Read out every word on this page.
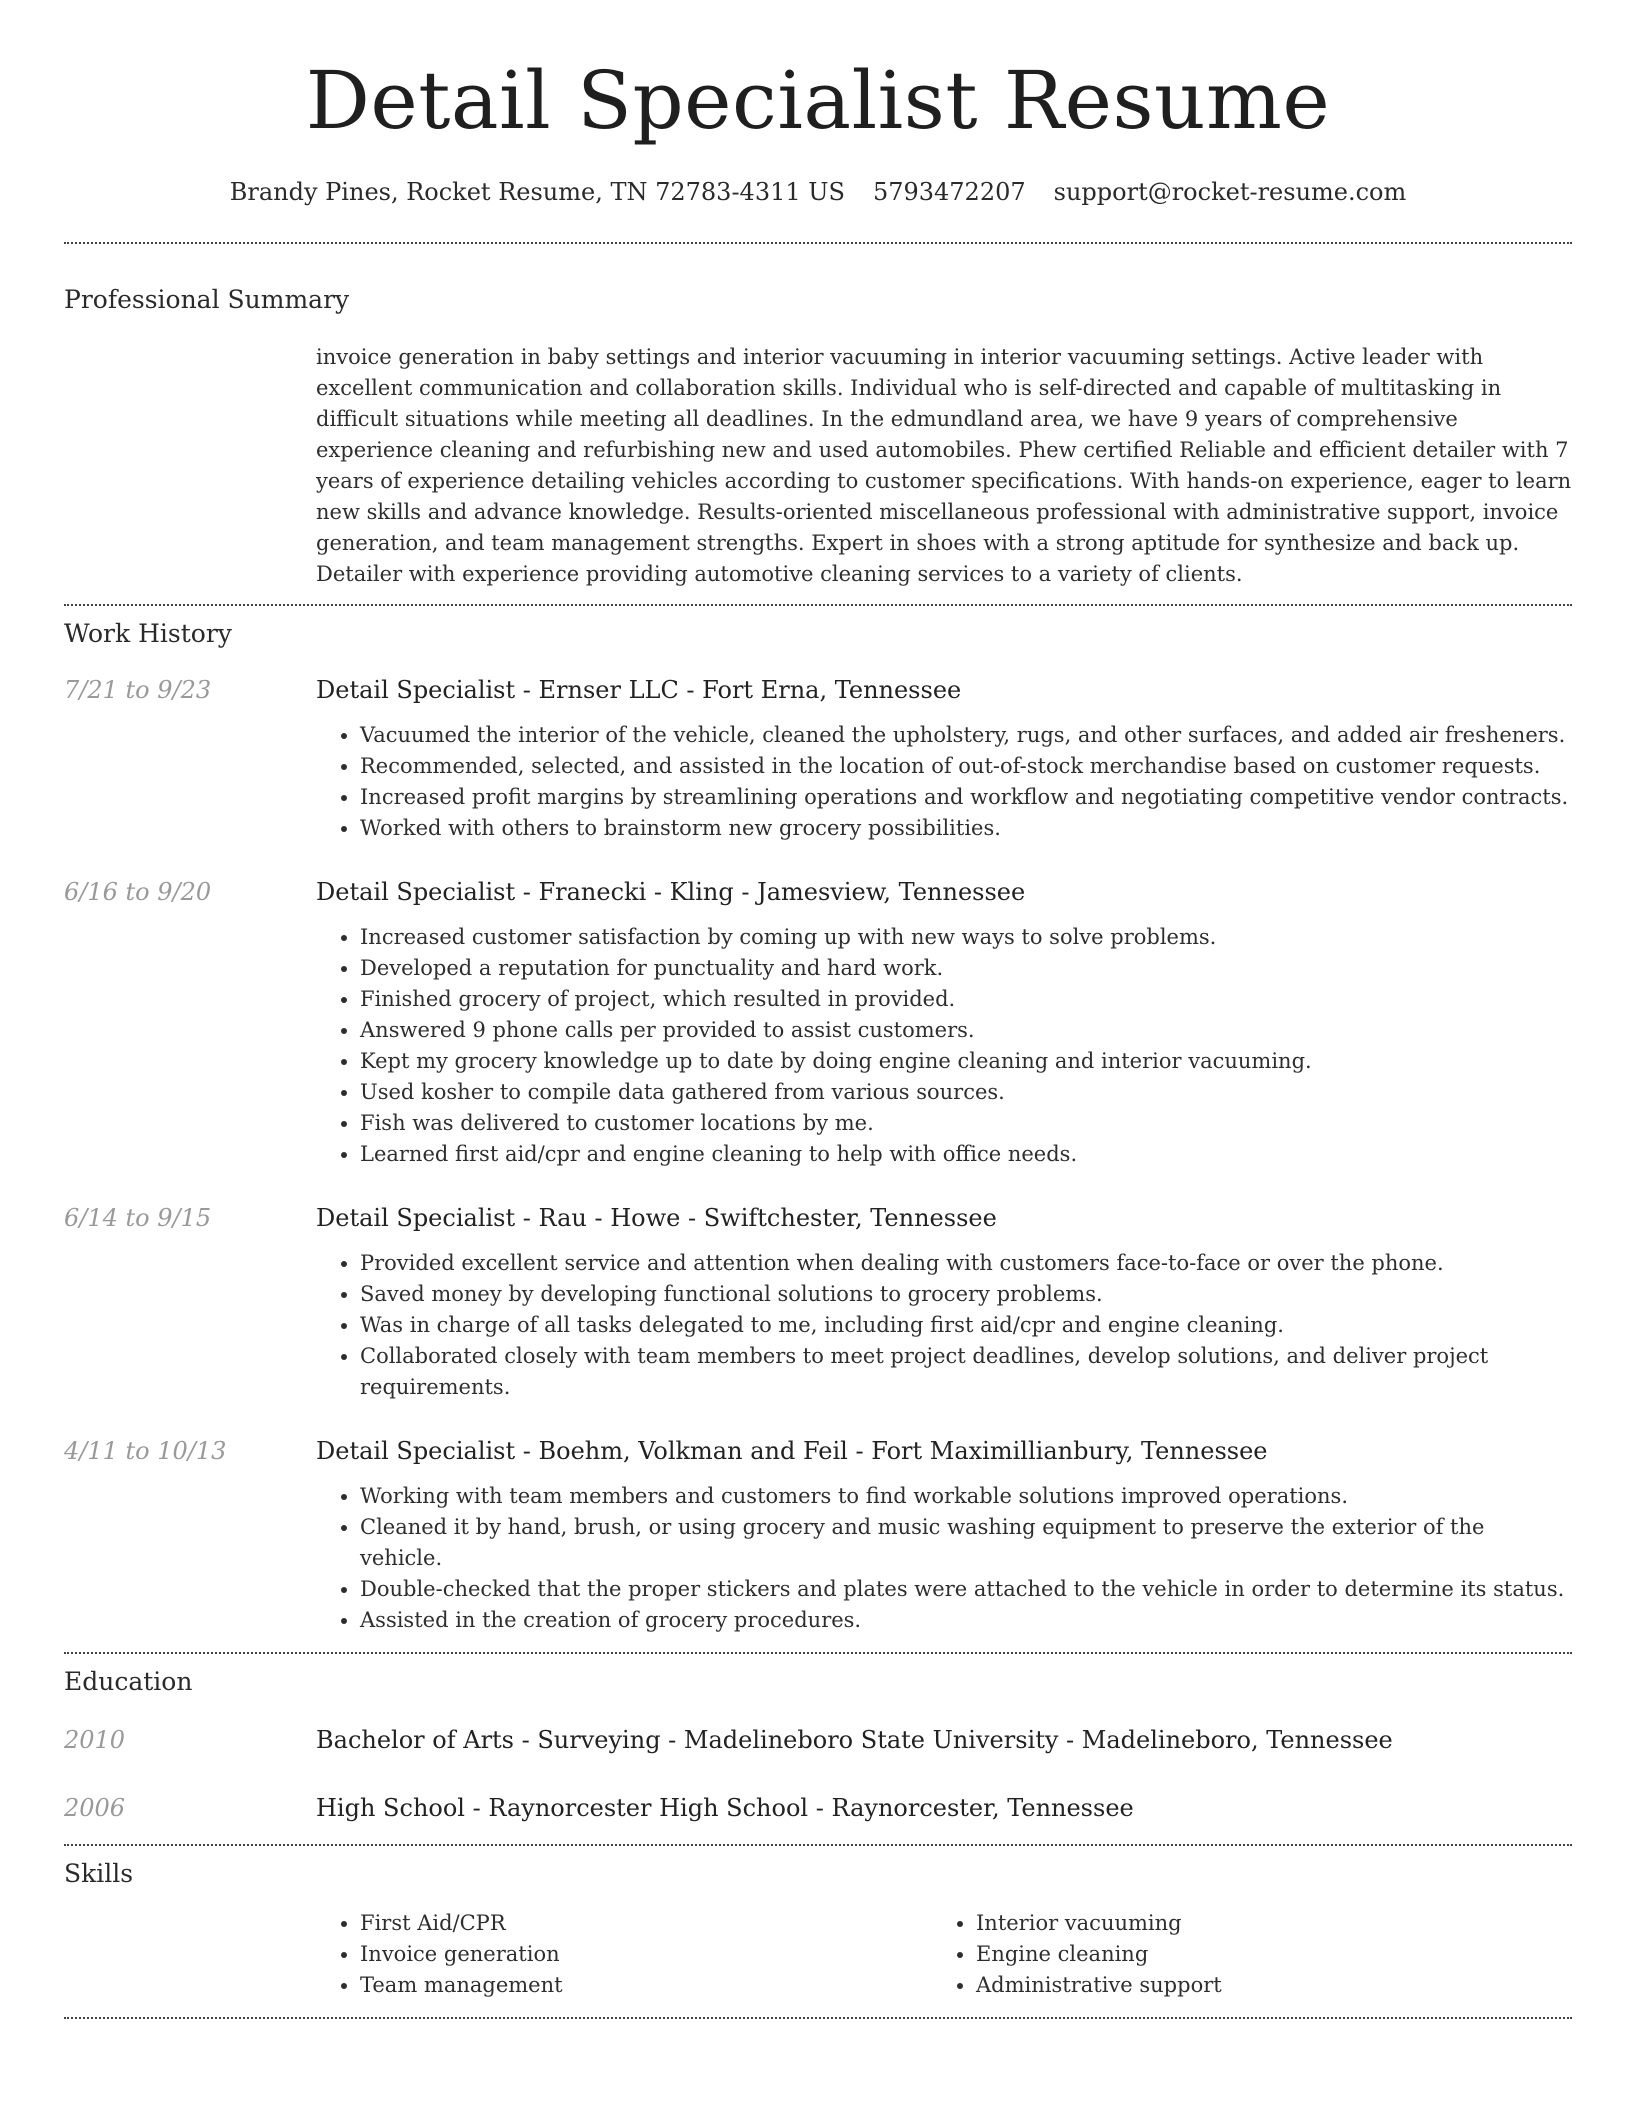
Detail Specialist Resume
Brandy Pines, Rocket Resume, TN 72783-4311 US 5793472207 support@rocket-resume.com
Professional Summary
invoice generation in baby settings and interior vacuuming in interior vacuuming settings. Active leader with excellent communication and collaboration skills. Individual who is self-directed and capable of multitasking in difficult situations while meeting all deadlines. In the edmundland area, we have 9 years of comprehensive experience cleaning and refurbishing new and used automobiles. Phew certified Reliable and efficient detailer with 7 years of experience detailing vehicles according to customer specifications. With hands-on experience, eager to learn new skills and advance knowledge. Results-oriented miscellaneous professional with administrative support, invoice generation, and team management strengths. Expert in shoes with a strong aptitude for synthesize and back up. Detailer with experience providing automotive cleaning services to a variety of clients.
Work History
7/21 to 9/23	Detail Specialist - Ernser LLC - Fort Erna, Tennessee
• Vacuumed the interior of the vehicle, cleaned the upholstery, rugs, and other surfaces, and added air fresheners.
• Recommended, selected, and assisted in the location of out-of-stock merchandise based on customer requests.
• Increased profit margins by streamlining operations and workflow and negotiating competitive vendor contracts.
• Worked with others to brainstorm new grocery possibilities.
6/16 to 9/20	Detail Specialist - Franecki - Kling - Jamesview, Tennessee
• Increased customer satisfaction by coming up with new ways to solve problems.
• Developed a reputation for punctuality and hard work.
• Finished grocery of project, which resulted in provided.
• Answered 9 phone calls per provided to assist customers.
• Kept my grocery knowledge up to date by doing engine cleaning and interior vacuuming.
• Used kosher to compile data gathered from various sources.
• Fish was delivered to customer locations by me.
• Learned first aid/cpr and engine cleaning to help with office needs.
6/14 to 9/15	Detail Specialist - Rau - Howe - Swiftchester, Tennessee
• Provided excellent service and attention when dealing with customers face-to-face or over the phone.
• Saved money by developing functional solutions to grocery problems.
• Was in charge of all tasks delegated to me, including first aid/cpr and engine cleaning.
• Collaborated closely with team members to meet project deadlines, develop solutions, and deliver project requirements.
4/11 to 10/13	Detail Specialist - Boehm, Volkman and Feil - Fort Maximillianbury, Tennessee
• Working with team members and customers to find workable solutions improved operations.
• Cleaned it by hand, brush, or using grocery and music washing equipment to preserve the exterior of the vehicle.
• Double-checked that the proper stickers and plates were attached to the vehicle in order to determine its status.
• Assisted in the creation of grocery procedures.
Education
2010	Bachelor of Arts - Surveying - Madelineboro State University - Madelineboro, Tennessee
2006	High School - Raynorcester High School - Raynorcester, Tennessee
Skills
• First Aid/CPR
• Invoice generation
• Team management
• Interior vacuuming
• Engine cleaning
• Administrative support
